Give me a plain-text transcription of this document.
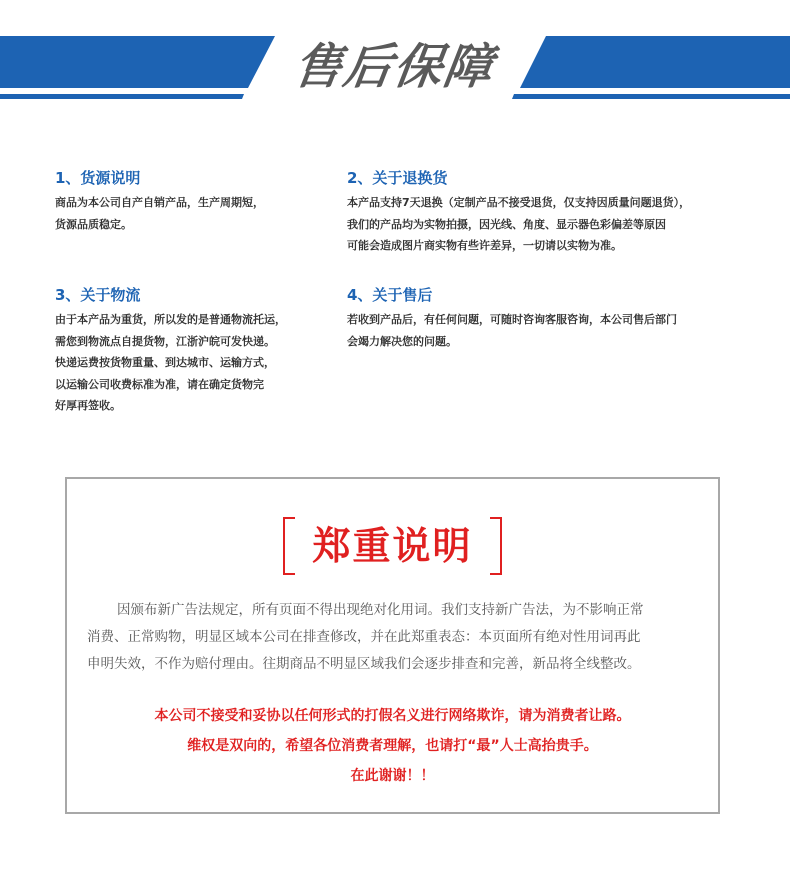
售后保障
1、货源说明
商品为本公司自产自销产品，生产周期短，
货源品质稳定。
2、关于退换货
本产品支持7天退换（定制产品不接受退货，仅支持因质量问题退货），
我们的产品均为实物拍摄，因光线、角度、显示器色彩偏差等原因
可能会造成图片商实物有些许差异，一切请以实物为准。
3、关于物流
由于本产品为重货，所以发的是普通物流托运，
需您到物流点自提货物，江浙沪皖可发快递。
快递运费按货物重量、到达城市、运输方式，
以运输公司收费标准为准，请在确定货物完
好厚再签收。
4、关于售后
若收到产品后，有任何问题，可随时咨询客服咨询，本公司售后部门
会竭力解决您的问题。
郑重说明
因颁布新广告法规定，所有页面不得出现绝对化用词。我们支持新广告法，为不影响正常
消费、正常购物，明显区域本公司在排查修改，并在此郑重表态：本页面所有绝对性用词再此
申明失效，不作为赔付理由。往期商品不明显区域我们会逐步排查和完善，新品将全线整改。
本公司不接受和妥协以任何形式的打假名义进行网络欺诈，请为消费者让路。
维权是双向的，希望各位消费者理解，也请打“最”人士高抬贵手。
在此谢谢！！
